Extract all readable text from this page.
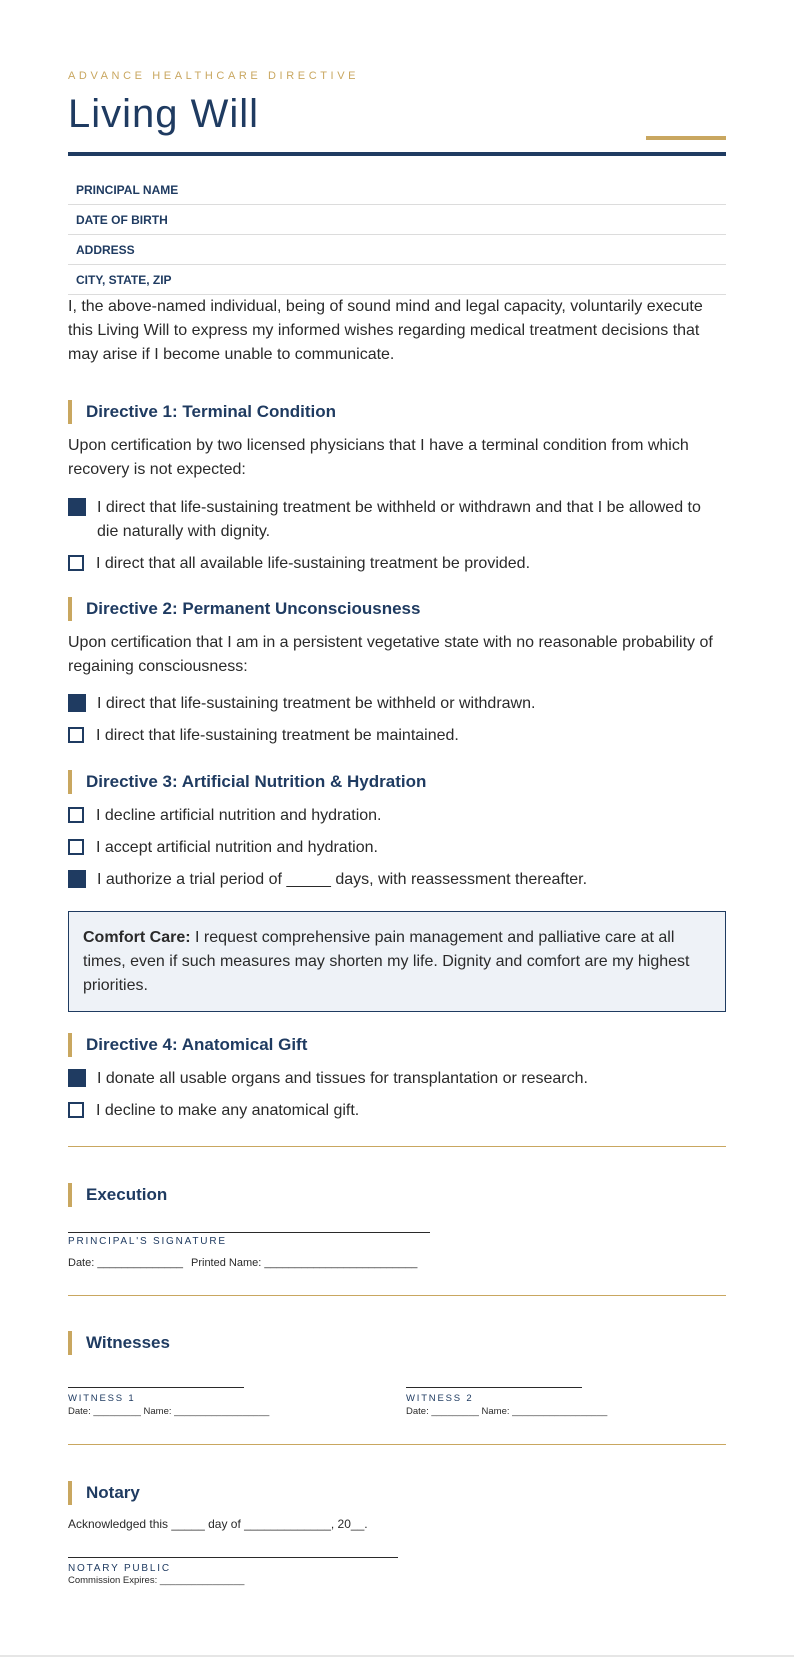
ADVANCE HEALTHCARE DIRECTIVE

Living Will
PRINCIPAL NAME
DATE OF BIRTH
ADDRESS
CITY, STATE, ZIP

I, the above-named individual, being of sound mind and legal capacity, voluntarily execute this Living Will to express my informed wishes regarding medical treatment decisions that may arise if I become unable to communicate.

Directive 1: Terminal Condition

Upon certification by two licensed physicians that I have a terminal condition from which recovery is not expected:

I direct that life-sustaining treatment be withheld or withdrawn and that I be allowed to die naturally with dignity.
I direct that all available life-sustaining treatment be provided.
Directive 2: Permanent Unconsciousness

Upon certification that I am in a persistent vegetative state with no reasonable probability of regaining consciousness:

I direct that life-sustaining treatment be withheld or withdrawn.
I direct that life-sustaining treatment be maintained.
Directive 3: Artificial Nutrition & Hydration
I decline artificial nutrition and hydration.
I accept artificial nutrition and hydration.
I authorize a trial period of _____ days, with reassessment thereafter.
Comfort Care: I request comprehensive pain management and palliative care at all times, even if such measures may shorten my life. Dignity and comfort are my highest priorities.
Directive 4: Anatomical Gift
I donate all usable organs and tissues for transplantation or research.
I decline to make any anatomical gift.
Execution
PRINCIPAL'S SIGNATURE
Date: ______________ Printed Name: _________________________
Witnesses
WITNESS 1
Date: _________ Name: __________________
WITNESS 2
Date: _________ Name: __________________
Notary
Acknowledged this _____ day of _____________, 20__.
NOTARY PUBLIC
Commission Expires: ________________
